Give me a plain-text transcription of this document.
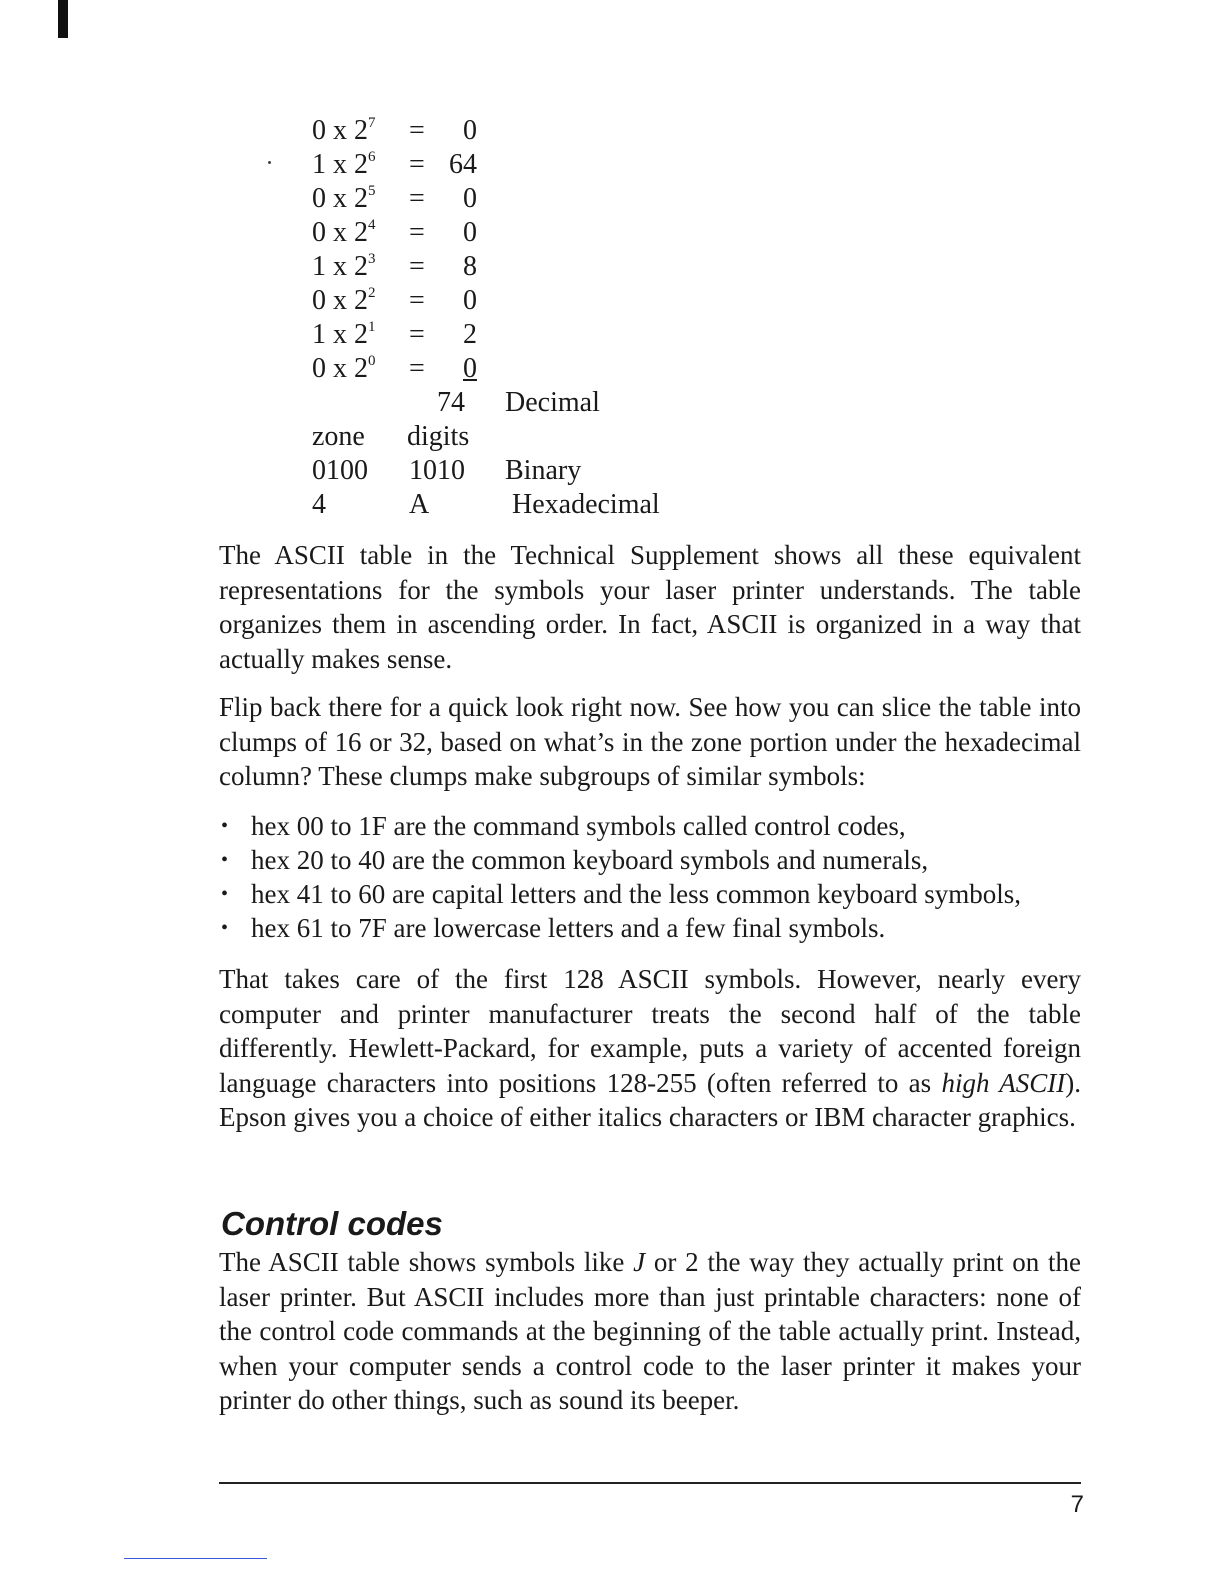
0 x $2^7$ =	0
1 x $2^6 = 64$
0 x $2^5$ =	0
0 x $2^4$ =	0
1 x $2^3$ =	8
0 x $2^2$ =	0
1 x $2^1$ =	2
0 x $2^0$ =	0
74 Decimal
zone digits
0100 1010 Binary
4	A	Hexadecimal

The ASCII table in the Technical Supplement shows all these equivalent representations for the symbols your laser printer understands. The table organizes them in ascending order. In fact, ASCII is organized in a way that actually makes sense.

Flip back there for a quick look right now. See how you can slice the table into clumps of 16 or 32, based on what’s in the zone portion under the hexadecimal column? These clumps make subgroups of similar symbols:

• hex 00 to 1F are the command symbols called control codes,
• hex 20 to 40 are the common keyboard symbols and numerals,
• hex 41 to 60 are capital letters and the less common keyboard symbols,
• hex 61 to 7F are lowercase letters and a few final symbols.

That takes care of the first 128 ASCII symbols. However, nearly every computer and printer manufacturer treats the second half of the table differently. Hewlett-Packard, for example, puts a variety of accented foreign language characters into positions 128-255 (often referred to as high ASCII). Epson gives you a choice of either italics characters or IBM character graphics.

Control codes

The ASCII table shows symbols like J or 2 the way they actually print on the laser printer. But ASCII includes more than just printable characters: none of the control code commands at the beginning of the table actually print. Instead, when your computer sends a control code to the laser printer it makes your printer do other things, such as sound its beeper.

7
